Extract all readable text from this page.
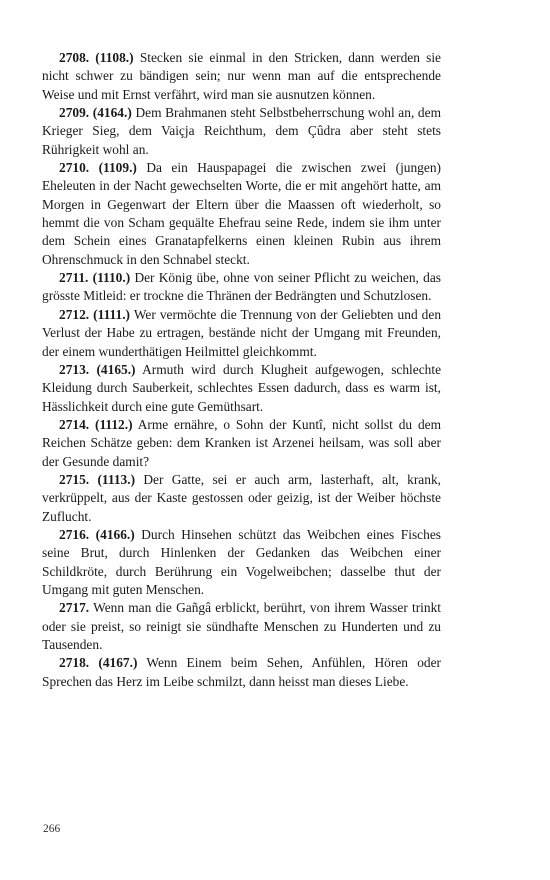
2708. (1108.) Stecken sie einmal in den Stricken, dann werden sie nicht schwer zu bändigen sein; nur wenn man auf die entsprechende Weise und mit Ernst verfährt, wird man sie ausnutzen können.

2709. (4164.) Dem Brahmanen steht Selbstbeherrschung wohl an, dem Krieger Sieg, dem Vaiçja Reichthum, dem Çûdra aber steht stets Rührigkeit wohl an.

2710. (1109.) Da ein Hauspapagei die zwischen zwei (jungen) Eheleuten in der Nacht gewechselten Worte, die er mit angehört hatte, am Morgen in Gegenwart der Eltern über die Maassen oft wiederholt, so hemmt die von Scham gequälte Ehefrau seine Rede, indem sie ihm unter dem Schein eines Granatapfelkerns einen kleinen Rubin aus ihrem Ohrenschmuck in den Schnabel steckt.

2711. (1110.) Der König übe, ohne von seiner Pflicht zu weichen, das grösste Mitleid: er trockne die Thränen der Bedrängten und Schutzlosen.

2712. (1111.) Wer vermöchte die Trennung von der Geliebten und den Verlust der Habe zu ertragen, bestände nicht der Umgang mit Freunden, der einem wunderthätigen Heilmittel gleichkommt.

2713. (4165.) Armuth wird durch Klugheit aufgewogen, schlechte Kleidung durch Sauberkeit, schlechtes Essen dadurch, dass es warm ist, Hässlichkeit durch eine gute Gemüthsart.

2714. (1112.) Arme ernähre, o Sohn der Kuntî, nicht sollst du dem Reichen Schätze geben: dem Kranken ist Arzenei heilsam, was soll aber der Gesunde damit?

2715. (1113.) Der Gatte, sei er auch arm, lasterhaft, alt, krank, verkrüppelt, aus der Kaste gestossen oder geizig, ist der Weiber höchste Zuflucht.

2716. (4166.) Durch Hinsehen schützt das Weibchen eines Fisches seine Brut, durch Hinlenken der Gedanken das Weibchen einer Schildkröte, durch Berührung ein Vogelweibchen; dasselbe thut der Umgang mit guten Menschen.

2717. Wenn man die Gañgâ erblickt, berührt, von ihrem Wasser trinkt oder sie preist, so reinigt sie sündhafte Menschen zu Hunderten und zu Tausenden.

2718. (4167.) Wenn Einem beim Sehen, Anfühlen, Hören oder Sprechen das Herz im Leibe schmilzt, dann heisst man dieses Liebe.

266
